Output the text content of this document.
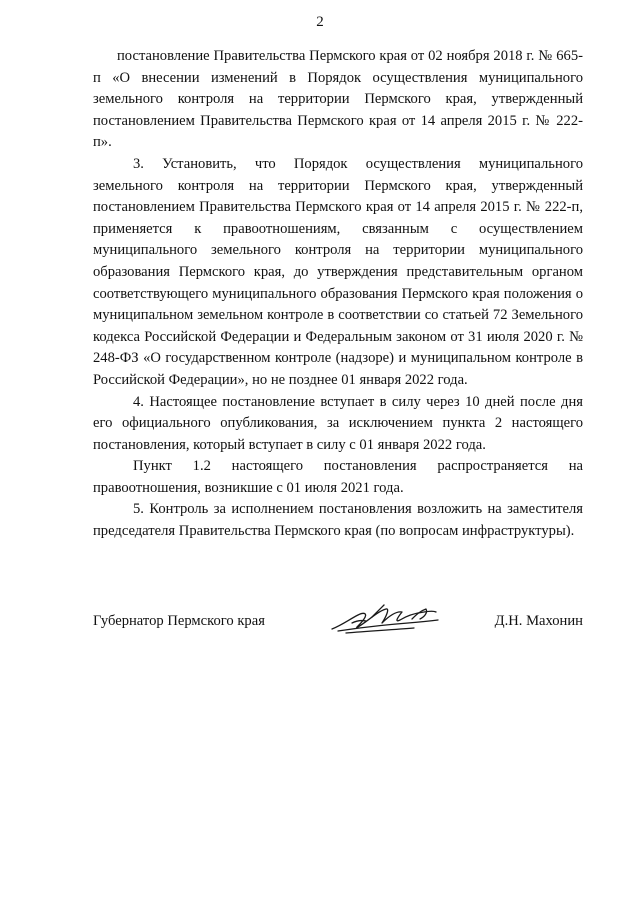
2

постановление Правительства Пермского края от 02 ноября 2018 г. № 665-п «О внесении изменений в Порядок осуществления муниципального земельного контроля на территории Пермского края, утвержденный постановлением Правительства Пермского края от 14 апреля 2015 г. № 222-п».

3. Установить, что Порядок осуществления муниципального земельного контроля на территории Пермского края, утвержденный постановлением Правительства Пермского края от 14 апреля 2015 г. № 222-п, применяется к правоотношениям, связанным с осуществлением муниципального земельного контроля на территории муниципального образования Пермского края, до утверждения представительным органом соответствующего муниципального образования Пермского края положения о муниципальном земельном контроле в соответствии со статьей 72 Земельного кодекса Российской Федерации и Федеральным законом от 31 июля 2020 г. № 248-ФЗ «О государственном контроле (надзоре) и муниципальном контроле в Российской Федерации», но не позднее 01 января 2022 года.

4. Настоящее постановление вступает в силу через 10 дней после дня его официального опубликования, за исключением пункта 2 настоящего постановления, который вступает в силу с 01 января 2022 года.

Пункт 1.2 настоящего постановления распространяется на правоотношения, возникшие с 01 июля 2021 года.

5. Контроль за исполнением постановления возложить на заместителя председателя Правительства Пермского края (по вопросам инфраструктуры).

Губернатор Пермского края	Д.Н. Махонин
